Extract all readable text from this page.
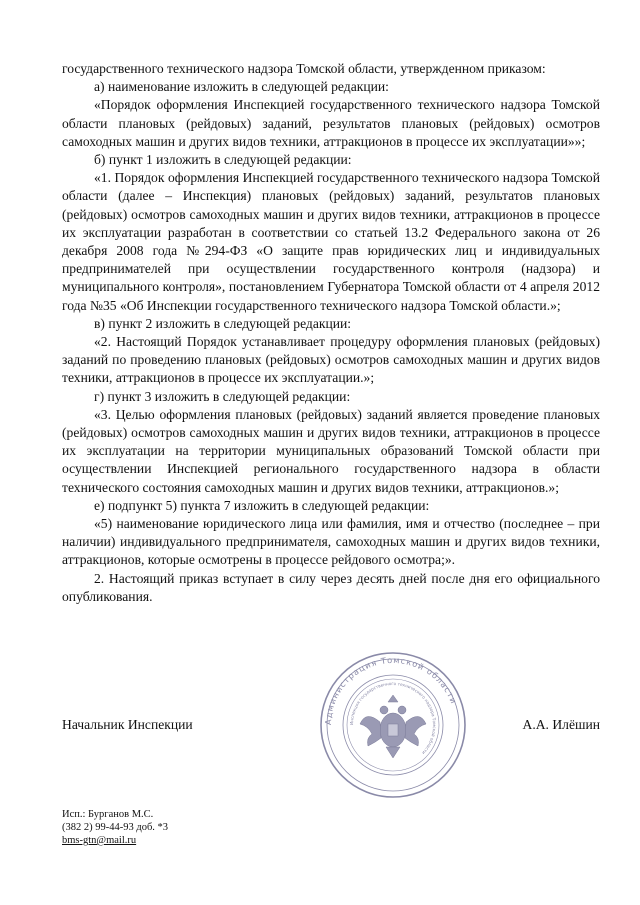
государственного технического надзора Томской области, утвержденном приказом:

а) наименование изложить в следующей редакции:

«Порядок оформления Инспекцией государственного технического надзора Томской области плановых (рейдовых) заданий, результатов плановых (рейдовых) осмотров самоходных машин и других видов техники, аттракционов в процессе их эксплуатации»»;

б) пункт 1 изложить в следующей редакции:

«1. Порядок оформления Инспекцией государственного технического надзора Томской области (далее – Инспекция) плановых (рейдовых) заданий, результатов плановых (рейдовых) осмотров самоходных машин и других видов техники, аттракционов в процессе их эксплуатации разработан в соответствии со статьей 13.2 Федерального закона от 26 декабря 2008 года №294-ФЗ «О защите прав юридических лиц и индивидуальных предпринимателей при осуществлении государственного контроля (надзора) и муниципального контроля», постановлением Губернатора Томской области от 4 апреля 2012 года №35 «Об Инспекции государственного технического надзора Томской области.»;

в) пункт 2 изложить в следующей редакции:

«2. Настоящий Порядок устанавливает процедуру оформления плановых (рейдовых) заданий по проведению плановых (рейдовых) осмотров самоходных машин и других видов техники, аттракционов в процессе их эксплуатации.»;

г) пункт 3 изложить в следующей редакции:

«3. Целью оформления плановых (рейдовых) заданий является проведение плановых (рейдовых) осмотров самоходных машин и других видов техники, аттракционов в процессе их эксплуатации на территории муниципальных образований Томской области при осуществлении Инспекцией регионального государственного надзора в области технического состояния самоходных машин и других видов техники, аттракционов.»;

е) подпункт 5) пункта 7 изложить в следующей редакции:

«5) наименование юридического лица или фамилия, имя и отчество (последнее – при наличии) индивидуального предпринимателя, самоходных машин и других видов техники, аттракционов, которые осмотрены в процессе рейдового осмотра;».

2. Настоящий приказ вступает в силу через десять дней после дня его официального опубликования.

Администрация Томской области
Инспекция государственного технического надзора Томской области
Начальник Инспекции	А.А. Илёшин
Исп.: Бурганов М.С.
(382 2) 99-44-93 доб. *3
bms-gtn@mail.ru
